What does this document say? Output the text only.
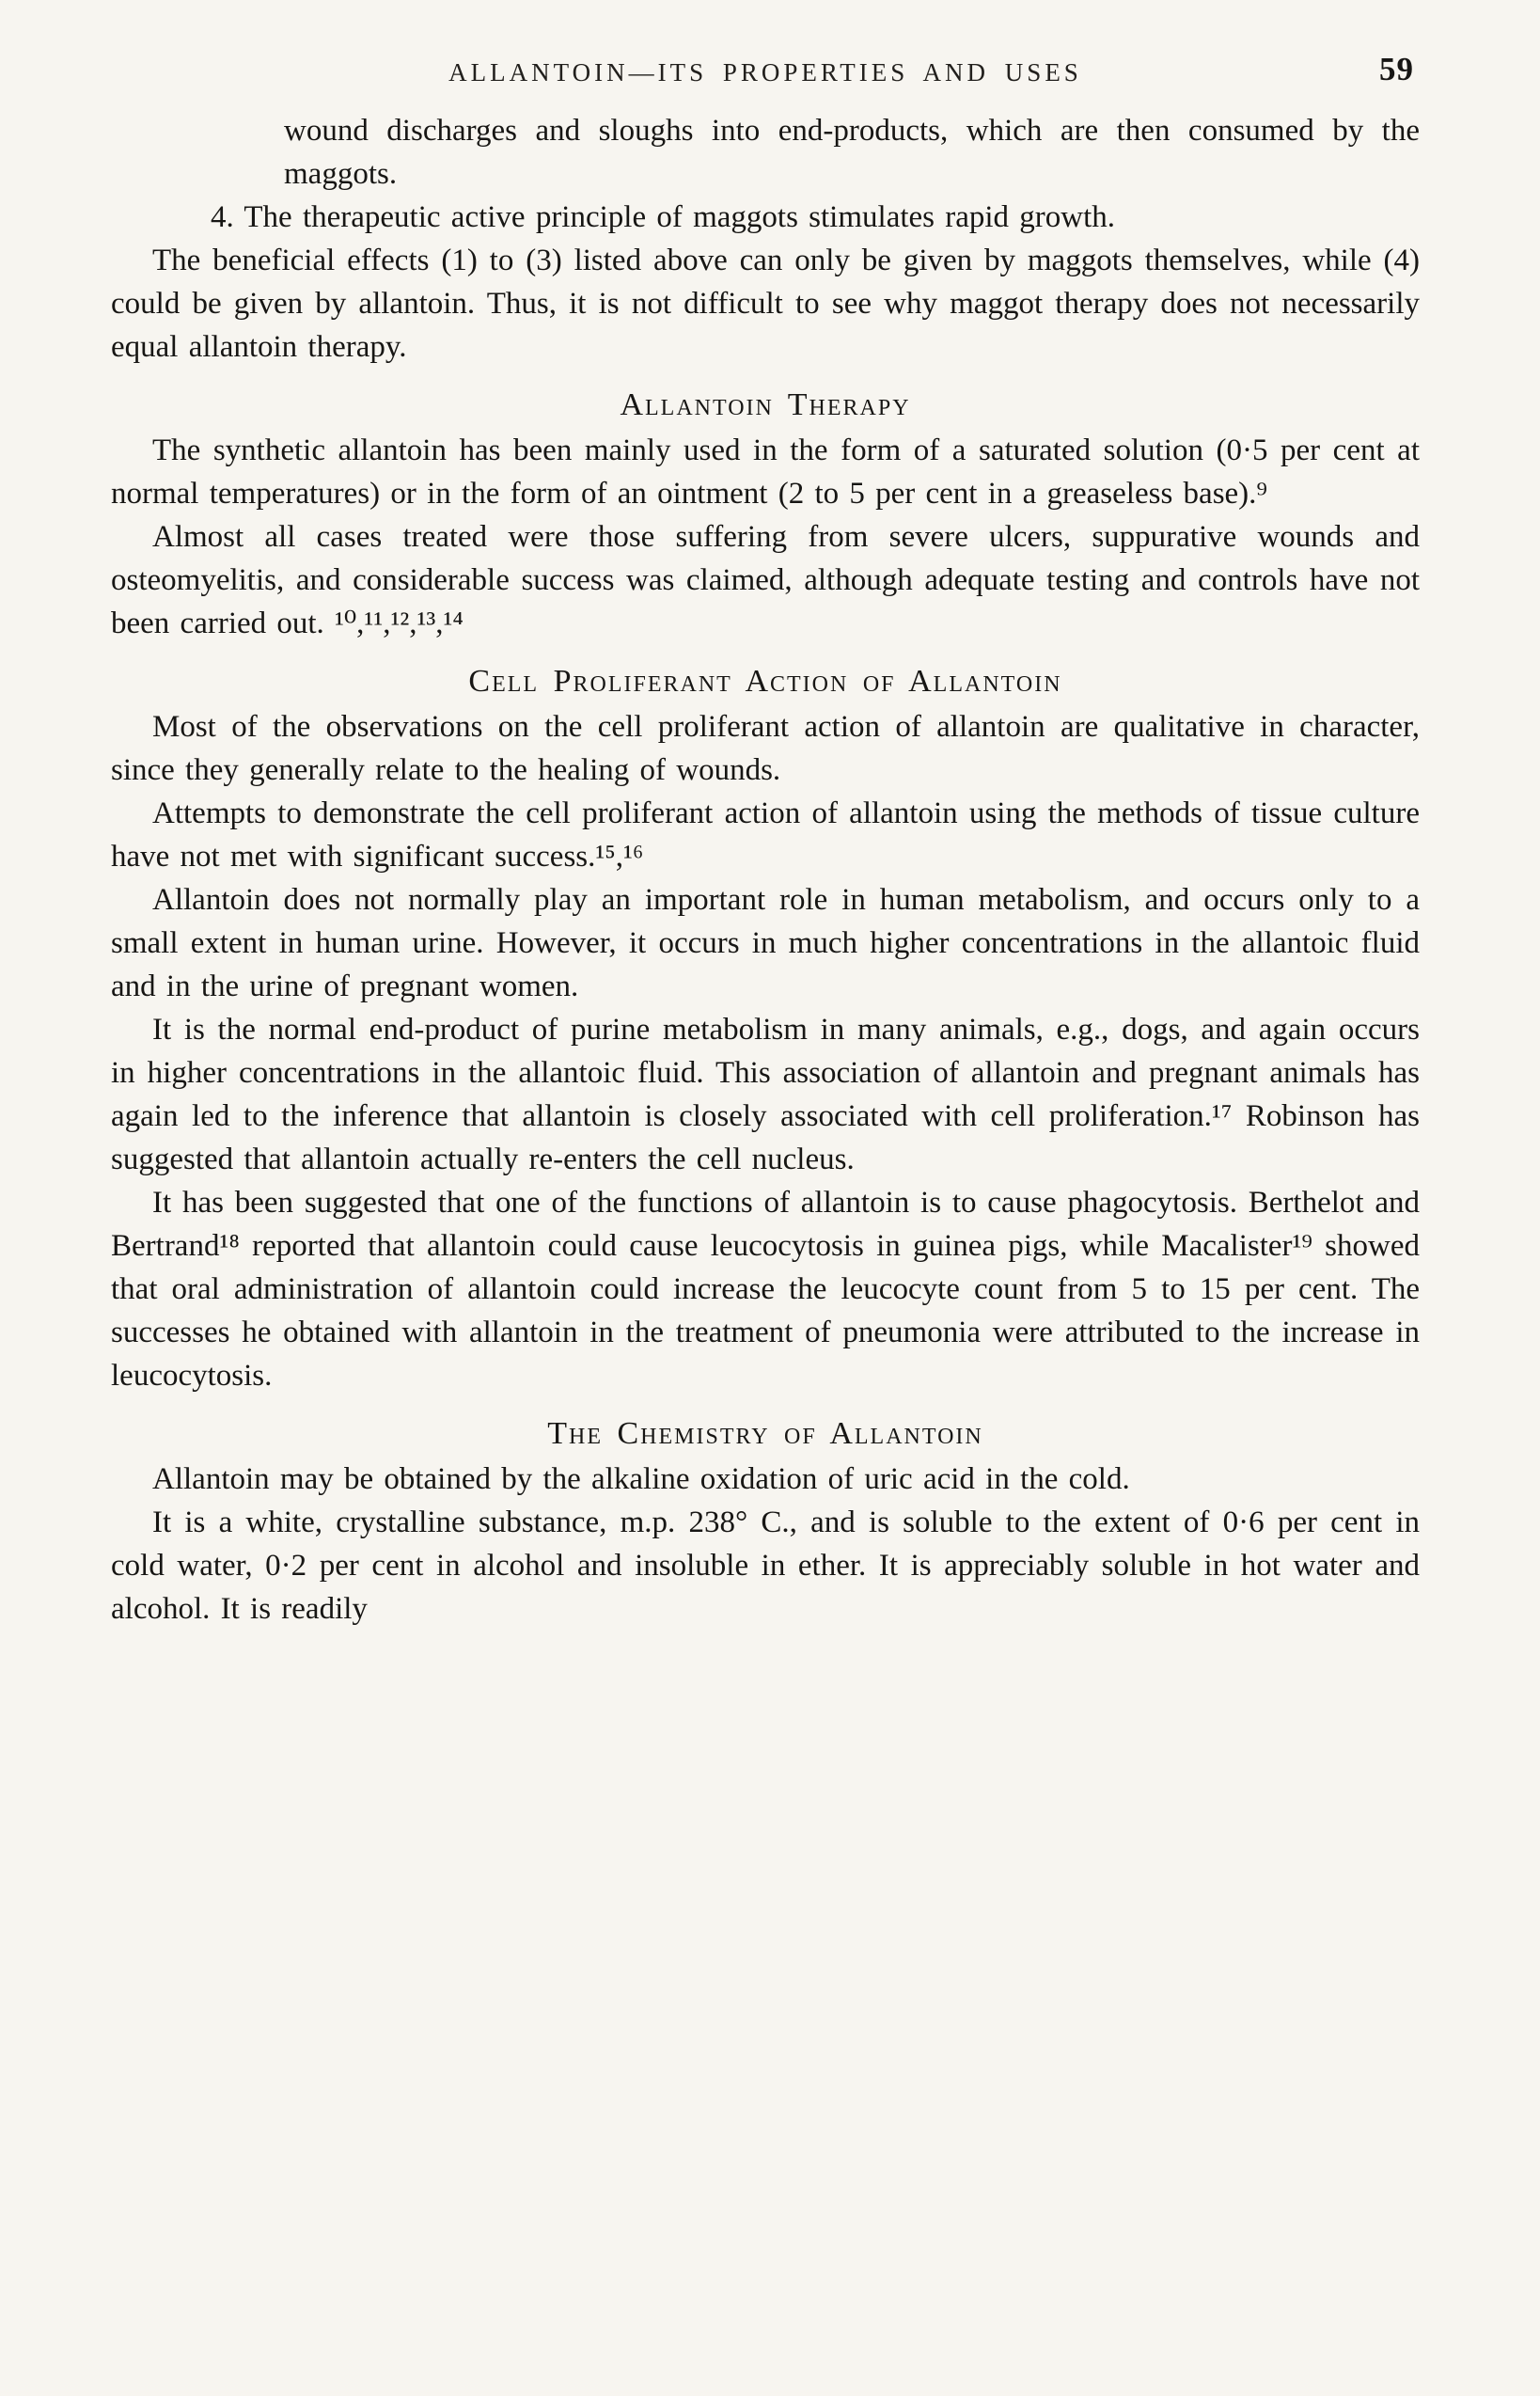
ALLANTOIN—ITS PROPERTIES AND USES	59

wound discharges and sloughs into end-products, which are then consumed by the maggots.

4. The therapeutic active principle of maggots stimulates rapid growth.

The beneficial effects (1) to (3) listed above can only be given by maggots themselves, while (4) could be given by allantoin. Thus, it is not difficult to see why maggot therapy does not necessarily equal allantoin therapy.

Allantoin Therapy

The synthetic allantoin has been mainly used in the form of a saturated solution (0·5 per cent at normal temperatures) or in the form of an ointment (2 to 5 per cent in a greaseless base).⁹

Almost all cases treated were those suffering from severe ulcers, suppurative wounds and osteomyelitis, and considerable success was claimed, although adequate testing and controls have not been carried out. ¹⁰,¹¹,¹²,¹³,¹⁴

Cell Proliferant Action of Allantoin

Most of the observations on the cell proliferant action of allantoin are qualitative in character, since they generally relate to the healing of wounds.

Attempts to demonstrate the cell proliferant action of allantoin using the methods of tissue culture have not met with significant success.¹⁵,¹⁶

Allantoin does not normally play an important role in human metabolism, and occurs only to a small extent in human urine. However, it occurs in much higher concentrations in the allantoic fluid and in the urine of pregnant women.

It is the normal end-product of purine metabolism in many animals, e.g., dogs, and again occurs in higher concentrations in the allantoic fluid. This association of allantoin and pregnant animals has again led to the inference that allantoin is closely associated with cell proliferation.¹⁷ Robinson has suggested that allantoin actually re-enters the cell nucleus.

It has been suggested that one of the functions of allantoin is to cause phagocytosis. Berthelot and Bertrand¹⁸ reported that allantoin could cause leucocytosis in guinea pigs, while Macalister¹⁹ showed that oral administration of allantoin could increase the leucocyte count from 5 to 15 per cent. The successes he obtained with allantoin in the treatment of pneumonia were attributed to the increase in leucocytosis.

The Chemistry of Allantoin

Allantoin may be obtained by the alkaline oxidation of uric acid in the cold.

It is a white, crystalline substance, m.p. 238° C., and is soluble to the extent of 0·6 per cent in cold water, 0·2 per cent in alcohol and insoluble in ether. It is appreciably soluble in hot water and alcohol. It is readily
